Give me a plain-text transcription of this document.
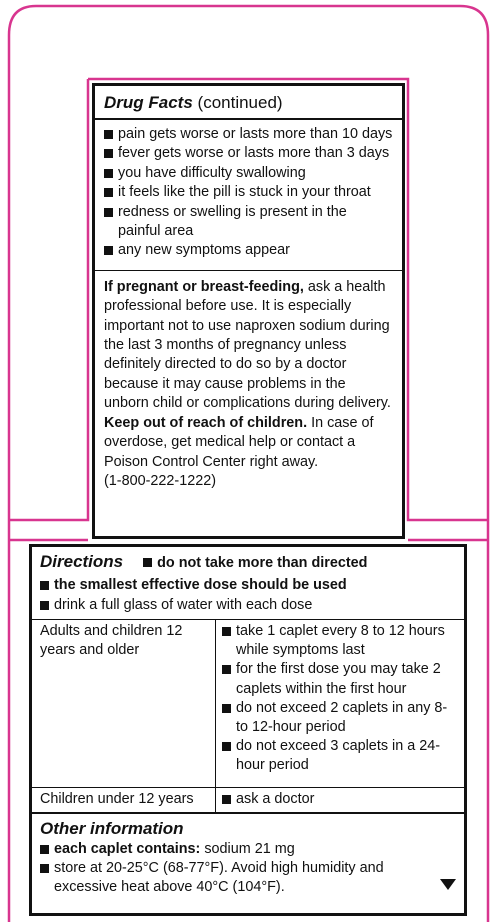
Drug Facts (continued)
pain gets worse or lasts more than 10 days
fever gets worse or lasts more than 3 days
you have difficulty swallowing
it feels like the pill is stuck in your throat
redness or swelling is present in the painful area
any new symptoms appear
If pregnant or breast-feeding, ask a health professional before use. It is especially important not to use naproxen sodium during the last 3 months of pregnancy unless definitely directed to do so by a doctor because it may cause problems in the unborn child or complications during delivery.
Keep out of reach of children. In case of overdose, get medical help or contact a Poison Control Center right away.
(1-800-222-1222)
Directions do not take more than directed
the smallest effective dose should be used
drink a full glass of water with each dose
Adults and children 12 years and older
take 1 caplet every 8 to 12 hours while symptoms last
for the first dose you may take 2 caplets within the first hour
do not exceed 2 caplets in any 8- to 12-hour period
do not exceed 3 caplets in a 24-hour period
Children under 12 years	ask a doctor
Other information
each caplet contains: sodium 21 mg
store at 20-25°C (68-77°F). Avoid high humidity and excessive heat above 40°C (104°F).
